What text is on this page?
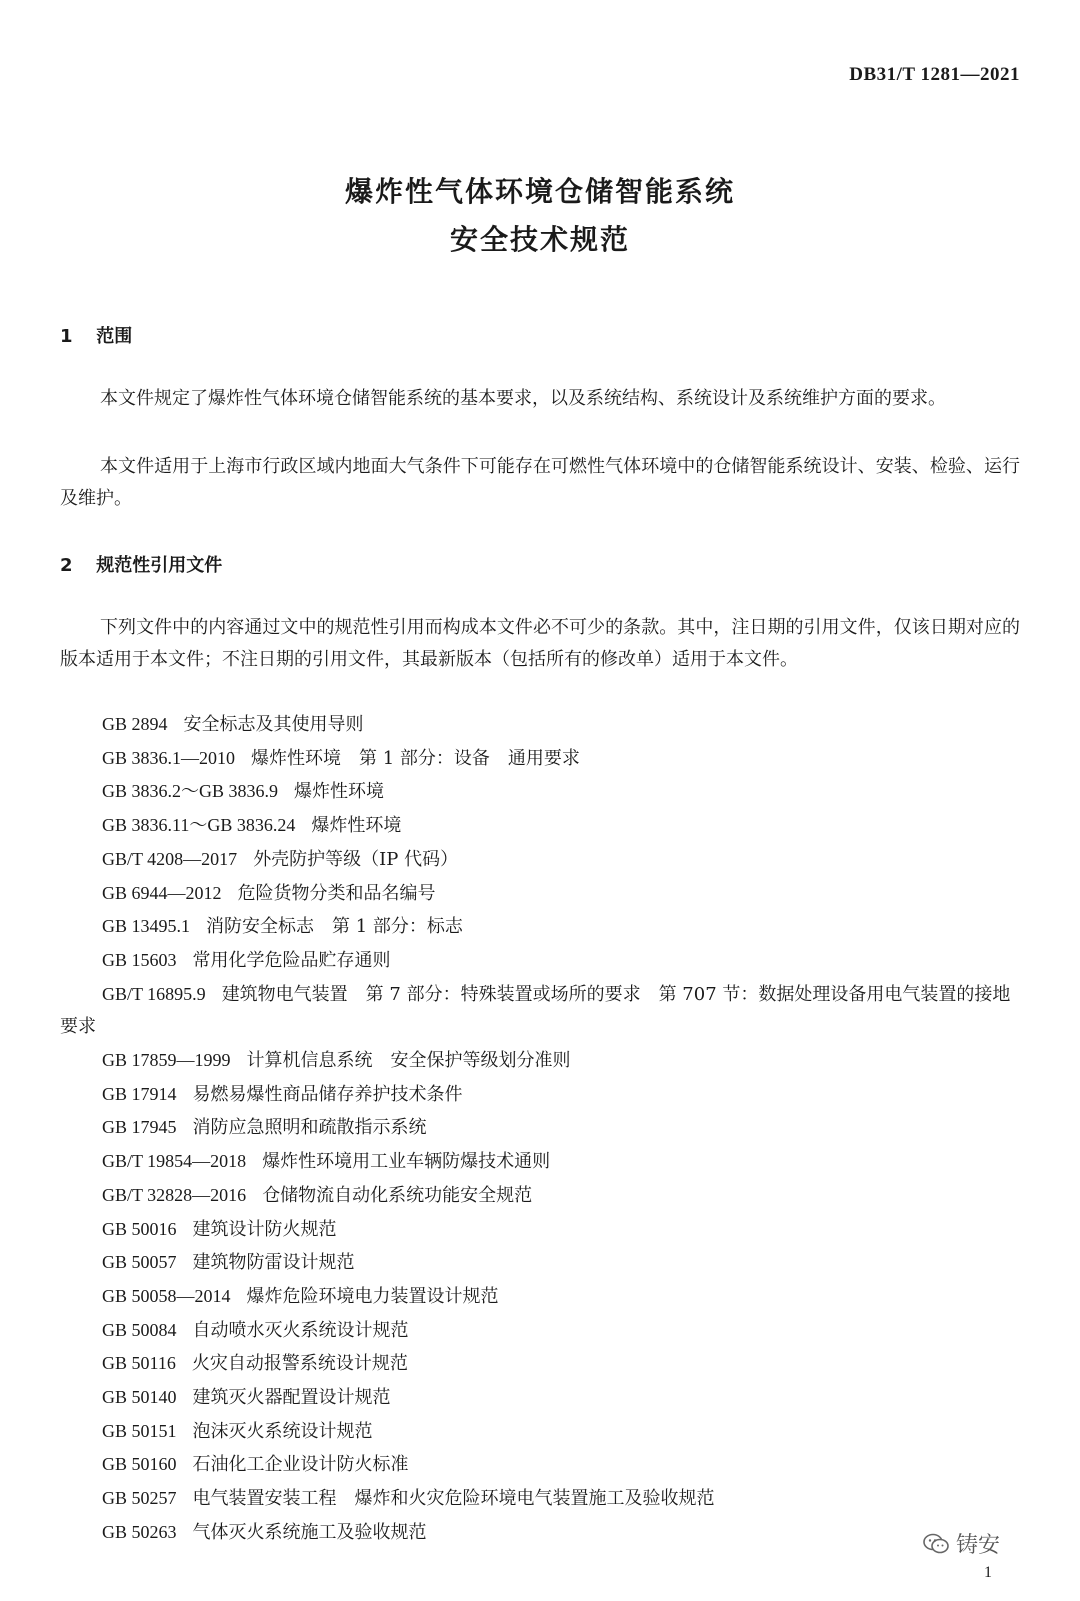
DB31/T 1281—2021
爆炸性气体环境仓储智能系统
安全技术规范
1 范围
本文件规定了爆炸性气体环境仓储智能系统的基本要求，以及系统结构、系统设计及系统维护方面的要求。
本文件适用于上海市行政区域内地面大气条件下可能存在可燃性气体环境中的仓储智能系统设计、安装、检验、运行及维护。
2 规范性引用文件
下列文件中的内容通过文中的规范性引用而构成本文件必不可少的条款。其中，注日期的引用文件，仅该日期对应的版本适用于本文件；不注日期的引用文件，其最新版本（包括所有的修改单）适用于本文件。
GB 2894 安全标志及其使用导则
GB 3836.1—2010 爆炸性环境　第 1 部分：设备　通用要求
GB 3836.2～GB 3836.9 爆炸性环境
GB 3836.11～GB 3836.24 爆炸性环境
GB/T 4208—2017 外壳防护等级（IP 代码）
GB 6944—2012 危险货物分类和品名编号
GB 13495.1 消防安全标志　第 1 部分：标志
GB 15603 常用化学危险品贮存通则
GB/T 16895.9 建筑物电气装置　第 7 部分：特殊装置或场所的要求　第 707 节：数据处理设备用电气装置的接地要求
GB 17859—1999 计算机信息系统　安全保护等级划分准则
GB 17914 易燃易爆性商品储存养护技术条件
GB 17945 消防应急照明和疏散指示系统
GB/T 19854—2018 爆炸性环境用工业车辆防爆技术通则
GB/T 32828—2016 仓储物流自动化系统功能安全规范
GB 50016 建筑设计防火规范
GB 50057 建筑物防雷设计规范
GB 50058—2014 爆炸危险环境电力装置设计规范
GB 50084 自动喷水灭火系统设计规范
GB 50116 火灾自动报警系统设计规范
GB 50140 建筑灭火器配置设计规范
GB 50151 泡沫灭火系统设计规范
GB 50160 石油化工企业设计防火标准
GB 50257 电气装置安装工程　爆炸和火灾危险环境电气装置施工及验收规范
GB 50263 气体灭火系统施工及验收规范
铸安
1
